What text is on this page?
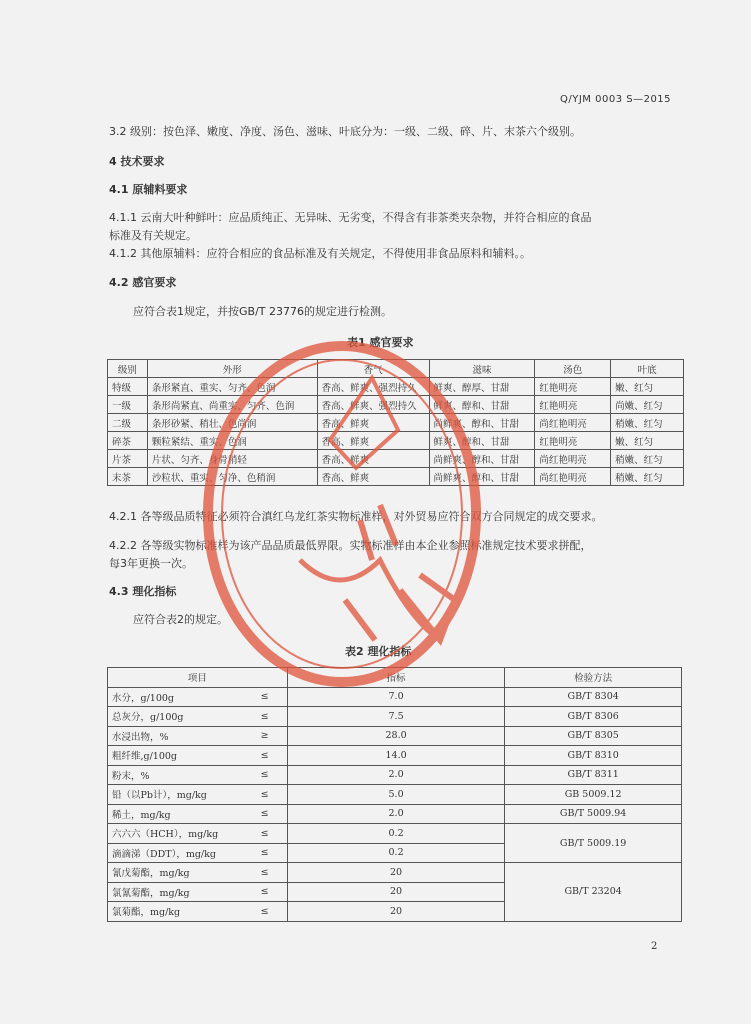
Q/YJM 0003 S—2015
3.2 级别：按色泽、嫩度、净度、汤色、滋味、叶底分为：一级、二级、碎、片、末茶六个级别。
4 技术要求
4.1 原辅料要求
4.1.1 云南大叶种鲜叶：应品质纯正、无异味、无劣变，不得含有非茶类夹杂物，并符合相应的食品
标准及有关规定。
4.1.2 其他原辅料：应符合相应的食品标准及有关规定，不得使用非食品原料和辅料。。
4.2 感官要求
应符合表1规定，并按GB/T 23776的规定进行检测。
表1 感官要求
级别	外形	香气	滋味	汤色	叶底
特级	条形紧直、重实、匀齐、色润	香高、鲜爽、强烈持久	鲜爽、醇厚、甘甜	红艳明亮	嫩、红匀
一级	条形尚紧直、尚重实、匀齐、色润	香高、鲜爽、强烈持久	鲜爽、醇和、甘甜	红艳明亮	尚嫩、红匀
二级	条形砂紧、稍壮、色尚润	香高、鲜爽	尚鲜爽、醇和、甘甜	尚红艳明亮	稍嫩、红匀
碎茶	颗粒紧结、重实、色润	香高、鲜爽	鲜爽、醇和、甘甜	红艳明亮	嫩、红匀
片茶	片状、匀齐、身骨稍轻	香高、鲜爽	尚鲜爽、醇和、甘甜	尚红艳明亮	稍嫩、红匀
末茶	沙粒状、重实、匀净、色稍润	香高、鲜爽	尚鲜爽、醇和、甘甜	尚红艳明亮	稍嫩、红匀
4.2.1 各等级品质特征必须符合滇红乌龙红茶实物标准样，对外贸易应符合双方合同规定的成交要求。
4.2.2 各等级实物标准样为该产品品质最低界限。实物标准样由本企业参照标准规定技术要求拼配，
每3年更换一次。
4.3 理化指标
应符合表2的规定。
表2 理化指标
项目		指标	检验方法
水分，g/100g	≤	7.0	GB/T 8304
总灰分，g/100g	≤	7.5	GB/T 8306
水浸出物，%	≥	28.0	GB/T 8305
粗纤维,g/100g	≤	14.0	GB/T 8310
粉末，%	≤	2.0	GB/T 8311
铅（以Pb计），mg/kg	≤	5.0	GB 5009.12
稀土，mg/kg	≤	2.0	GB/T 5009.94
六六六（HCH），mg/kg	≤	0.2	GB/T 5009.19
滴滴涕（DDT），mg/kg	≤	0.2	
氰戊菊酯，mg/kg	≤	20	GB/T 23204
氯氰菊酯，mg/kg	≤	20	
氯菊酯，mg/kg	≤	20	
2
